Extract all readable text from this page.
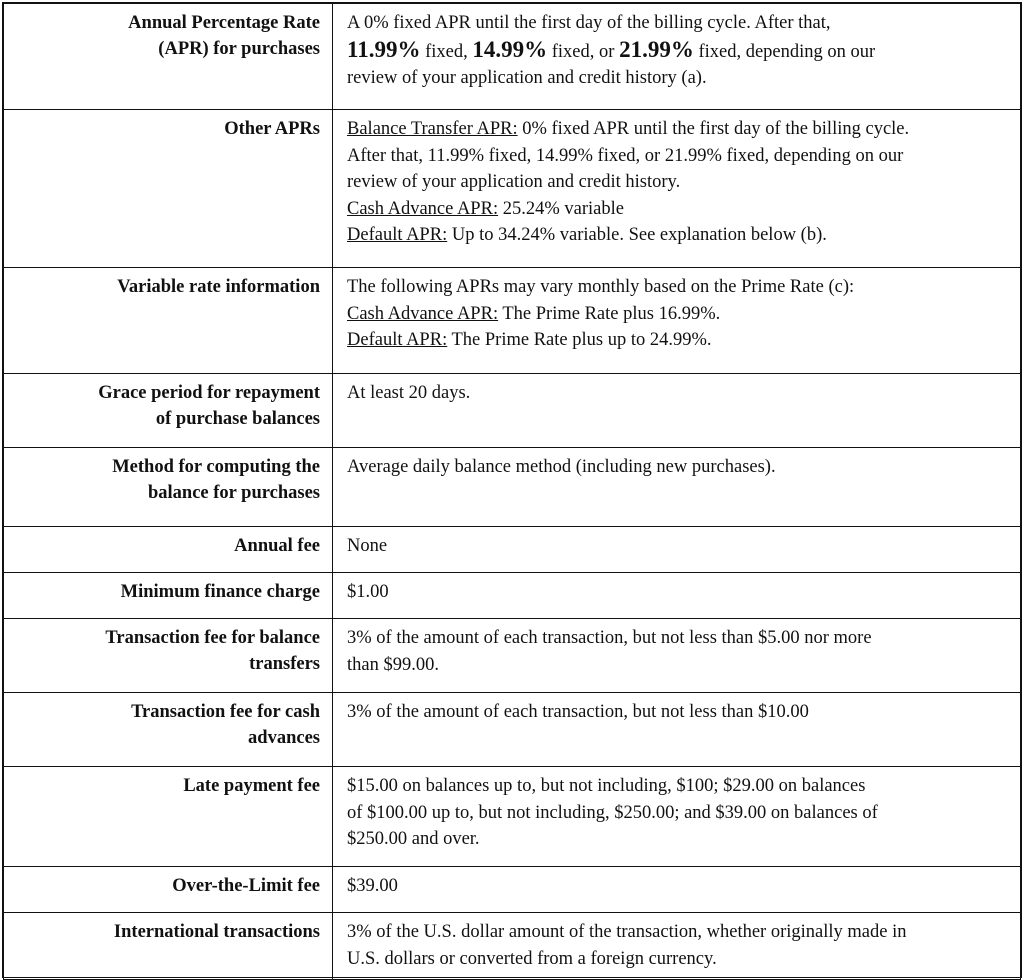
Annual Percentage Rate
(APR) for purchases	A 0% fixed APR until the first day of the billing cycle. After that,
11.99% fixed, 14.99% fixed, or 21.99% fixed, depending on our
review of your application and credit history (a).

Other APRs	Balance Transfer APR: 0% fixed APR until the first day of the billing cycle.
After that, 11.99% fixed, 14.99% fixed, or 21.99% fixed, depending on our
review of your application and credit history.
Cash Advance APR: 25.24% variable
Default APR: Up to 34.24% variable. See explanation below (b).

Variable rate information	The following APRs may vary monthly based on the Prime Rate (c):
Cash Advance APR: The Prime Rate plus 16.99%.
Default APR: The Prime Rate plus up to 24.99%.

Grace period for repayment
of purchase balances	At least 20 days.

Method for computing the
balance for purchases	Average daily balance method (including new purchases).
Annual fee	None
Minimum finance charge	$1.00

Transaction fee for balance
transfers	3% of the amount of each transaction, but not less than $5.00 nor more
than $99.00.

Transaction fee for cash
advances	3% of the amount of each transaction, but not less than $10.00
Late payment fee	$15.00 on balances up to, but not including, $100; $29.00 on balances
of $100.00 up to, but not including, $250.00; and $39.00 on balances of
$250.00 and over.

Over-the-Limit fee	$39.00
International transactions	3% of the U.S. dollar amount of the transaction, whether originally made in
U.S. dollars or converted from a foreign currency.
